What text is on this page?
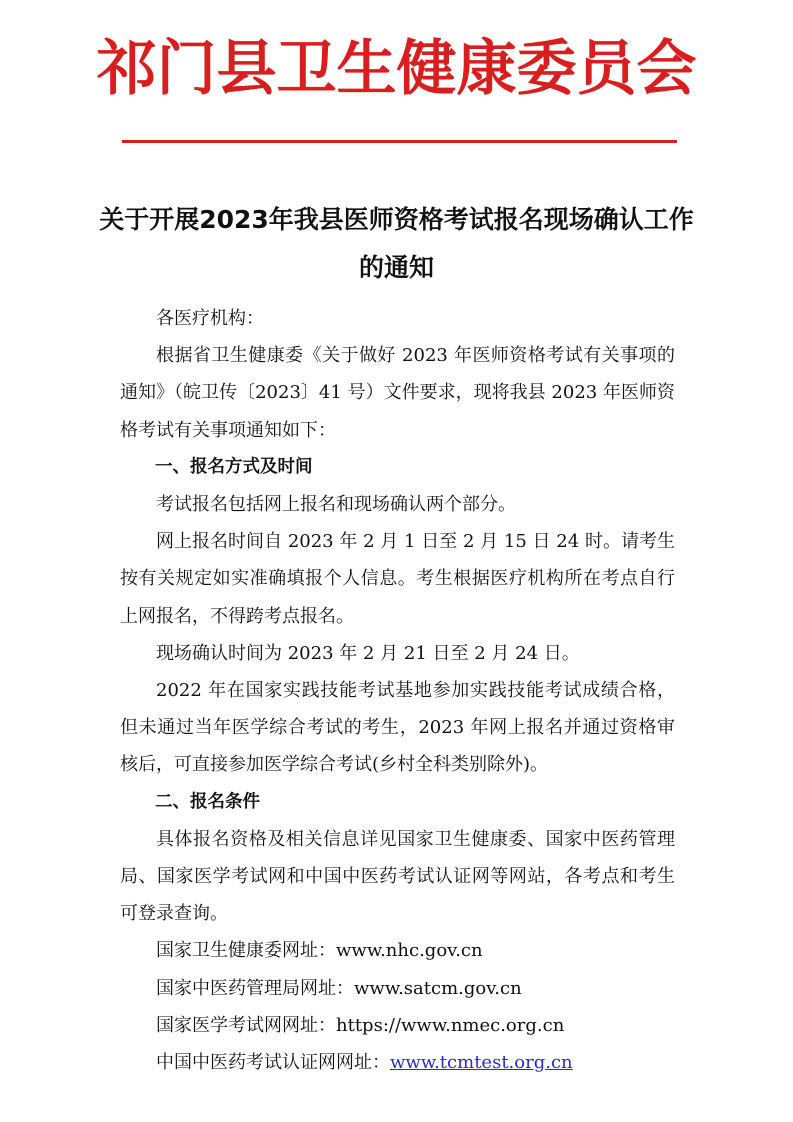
祁门县卫生健康委员会
关于开展2023年我县医师资格考试报名现场确认工作的通知

各医疗机构：

根据省卫生健康委《关于做好 2023 年医师资格考试有关事项的通知》（皖卫传〔2023〕41 号）文件要求，现将我县 2023 年医师资格考试有关事项通知如下：

一、报名方式及时间

考试报名包括网上报名和现场确认两个部分。

网上报名时间自 2023 年 2 月 1 日至 2 月 15 日 24 时。请考生按有关规定如实准确填报个人信息。考生根据医疗机构所在考点自行上网报名，不得跨考点报名。

现场确认时间为 2023 年 2 月 21 日至 2 月 24 日。

2022 年在国家实践技能考试基地参加实践技能考试成绩合格，但未通过当年医学综合考试的考生，2023 年网上报名并通过资格审核后，可直接参加医学综合考试(乡村全科类别除外)。

二、报名条件

具体报名资格及相关信息详见国家卫生健康委、国家中医药管理局、国家医学考试网和中国中医药考试认证网等网站，各考点和考生可登录查询。

国家卫生健康委网址：www.nhc.gov.cn

国家中医药管理局网址：www.satcm.gov.cn

国家医学考试网网址：https://www.nmec.org.cn

中国中医药考试认证网网址：www.tcmtest.org.cn
